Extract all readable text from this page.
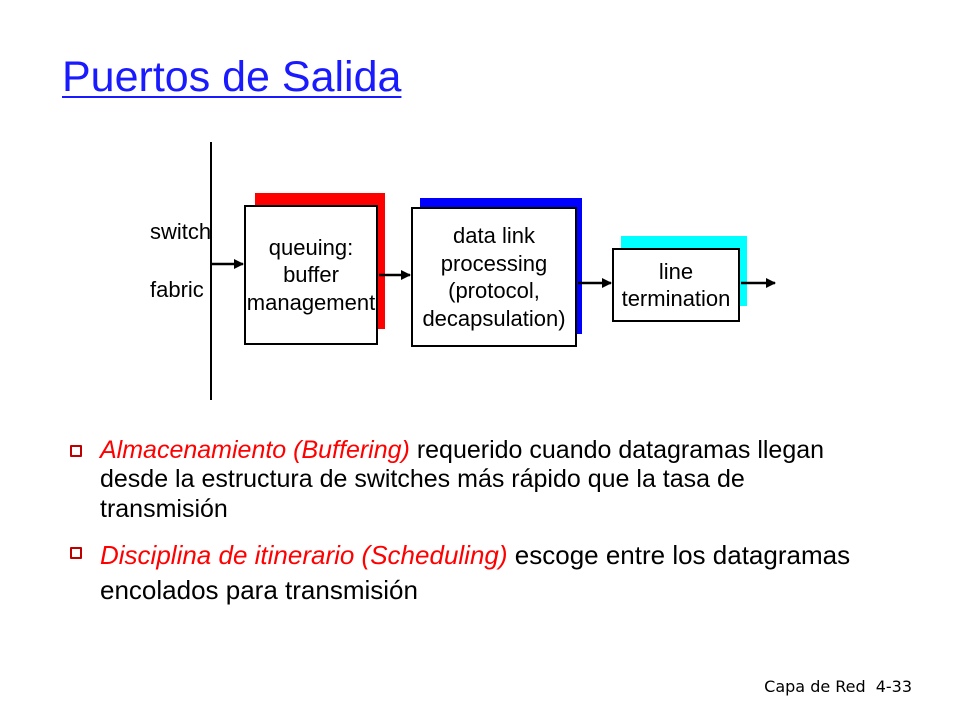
Puertos de Salida
switch
fabric
queuing:
buffer
management
data link
processing
(protocol,
decapsulation)
line
termination
Almacenamiento (Buffering) requerido cuando datagramas llegan desde la estructura de switches más rápido que la tasa de transmisión
Disciplina de itinerario (Scheduling) escoge entre los datagramas encolados para transmisión
Capa de Red 4-33
